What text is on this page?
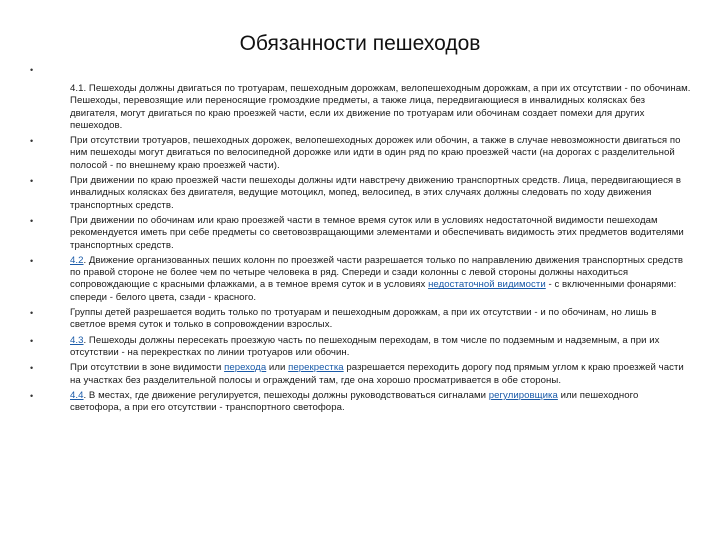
Обязанности пешеходов
•
4.1. Пешеходы должны двигаться по тротуарам, пешеходным дорожкам, велопешеходным дорожкам, а при их отсутствии - по обочинам. Пешеходы, перевозящие или переносящие громоздкие предметы, а также лица, передвигающиеся в инвалидных колясках без двигателя, могут двигаться по краю проезжей части, если их движение по тротуарам или обочинам создает помехи для других пешеходов.
•	При отсутствии тротуаров, пешеходных дорожек, велопешеходных дорожек или обочин, а также в случае невозможности двигаться по ним пешеходы могут двигаться по велосипедной дорожке или идти в один ряд по краю проезжей части (на дорогах с разделительной полосой - по внешнему краю проезжей части).
•	При движении по краю проезжей части пешеходы должны идти навстречу движению транспортных средств. Лица, передвигающиеся в инвалидных колясках без двигателя, ведущие мотоцикл, мопед, велосипед, в этих случаях должны следовать по ходу движения транспортных средств.
•	При движении по обочинам или краю проезжей части в темное время суток или в условиях недостаточной видимости пешеходам рекомендуется иметь при себе предметы со световозвращающими элементами и обеспечивать видимость этих предметов водителями транспортных средств.
•	4.2. Движение организованных пеших колонн по проезжей части разрешается только по направлению движения транспортных средств по правой стороне не более чем по четыре человека в ряд. Спереди и сзади колонны с левой стороны должны находиться сопровождающие с красными флажками, а в темное время суток и в условиях недостаточной видимости - с включенными фонарями: спереди - белого цвета, сзади - красного.
•	Группы детей разрешается водить только по тротуарам и пешеходным дорожкам, а при их отсутствии - и по обочинам, но лишь в светлое время суток и только в сопровождении взрослых.
•	4.3. Пешеходы должны пересекать проезжую часть по пешеходным переходам, в том числе по подземным и надземным, а при их отсутствии - на перекрестках по линии тротуаров или обочин.
•	При отсутствии в зоне видимости перехода или перекрестка разрешается переходить дорогу под прямым углом к краю проезжей части на участках без разделительной полосы и ограждений там, где она хорошо просматривается в обе стороны.
•	4.4. В местах, где движение регулируется, пешеходы должны руководствоваться сигналами регулировщика или пешеходного светофора, а при его отсутствии - транспортного светофора.
